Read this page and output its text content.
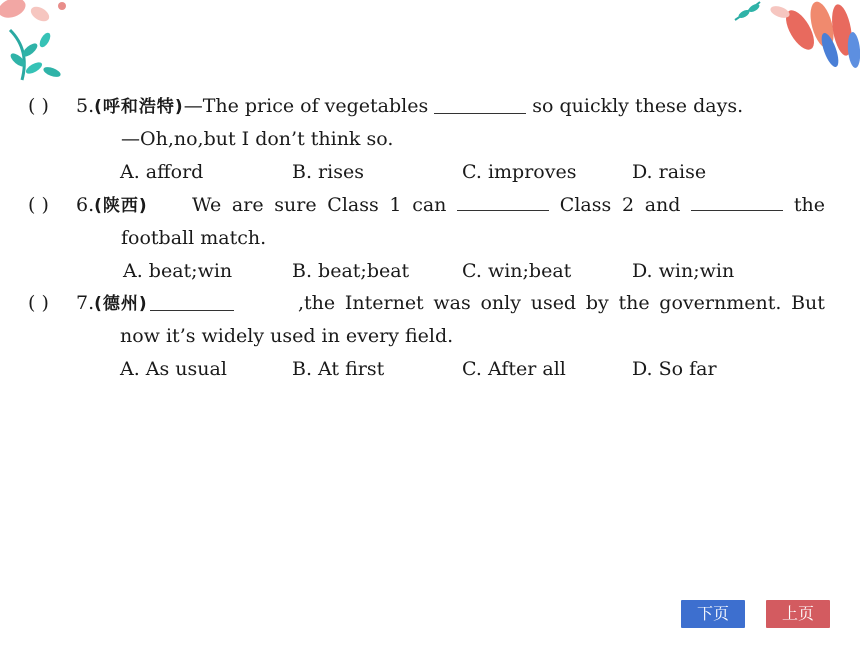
( ) 5.(呼和浩特)—The price of vegetables	so quickly these days.
—Oh,no,but I don’t think so.
A. afford	B. rises	C. improves	D. raise
( ) 6.(陕西) We are sure Class 1 can	Class 2 and	the
football match.
A. beat;win	B. beat;beat	C. win;beat	D. win;win
( ) 7.(德州)	,the Internet was only used by the government. But
now it’s widely used in every field.
A. As usual	B. At first	C. After all	D. So far
下页	上页
